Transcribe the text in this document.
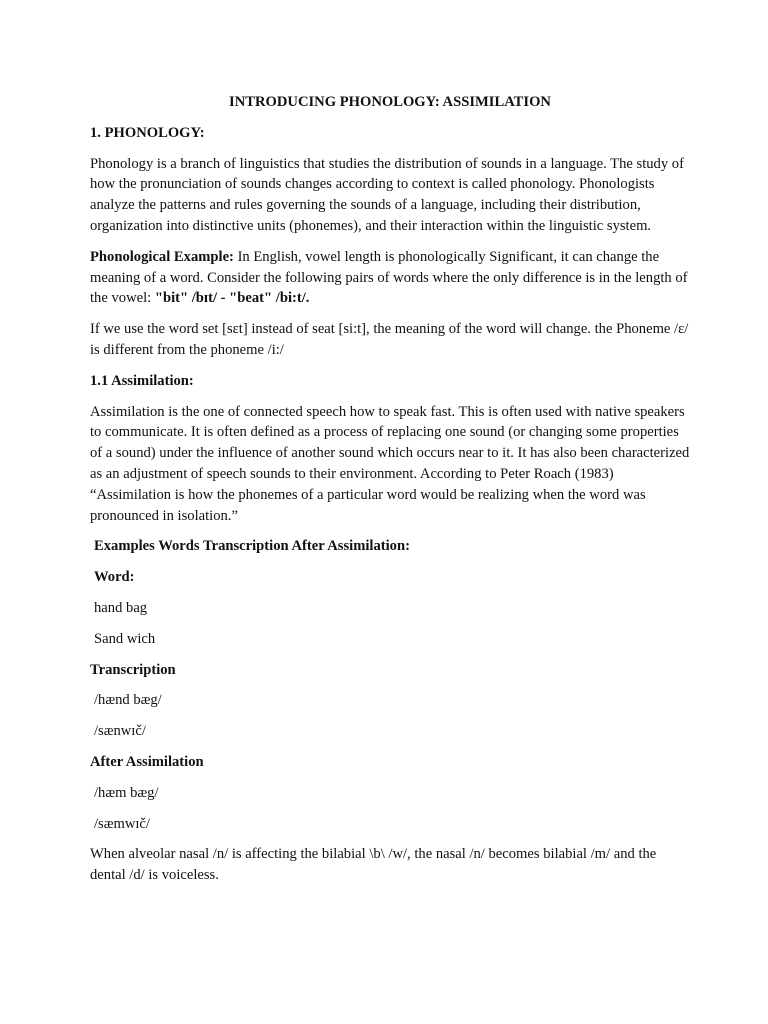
INTRODUCING PHONOLOGY: ASSIMILATION
1. PHONOLOGY:

Phonology is a branch of linguistics that studies the distribution of sounds in a language. The study of how the pronunciation of sounds changes according to context is called phonology. Phonologists analyze the patterns and rules governing the sounds of a language, including their distribution, organization into distinctive units (phonemes), and their interaction within the linguistic system.

Phonological Example: In English, vowel length is phonologically Significant, it can change the meaning of a word. Consider the following pairs of words where the only difference is in the length of the vowel: "bit" /bɪt/ - "beat" /bi:t/.

If we use the word set [sɛt] instead of seat [si:t], the meaning of the word will change. the Phoneme /ɛ/ is different from the phoneme /i:/

1.1 Assimilation:

Assimilation is the one of connected speech how to speak fast. This is often used with native speakers to communicate. It is often defined as a process of replacing one sound (or changing some properties of a sound) under the influence of another sound which occurs near to it. It has also been characterized as an adjustment of speech sounds to their environment. According to Peter Roach (1983) “Assimilation is how the phonemes of a particular word would be realizing when the word was pronounced in isolation.”

Examples Words Transcription After Assimilation:
Word:
hand bag
Sand wich
Transcription
/hænd bæg/
/sænwɪč/
After Assimilation
/hæm bæg/
/sæmwɪč/

When alveolar nasal /n/ is affecting the bilabial \b\ /w/, the nasal /n/ becomes bilabial /m/ and the dental /d/ is voiceless.
